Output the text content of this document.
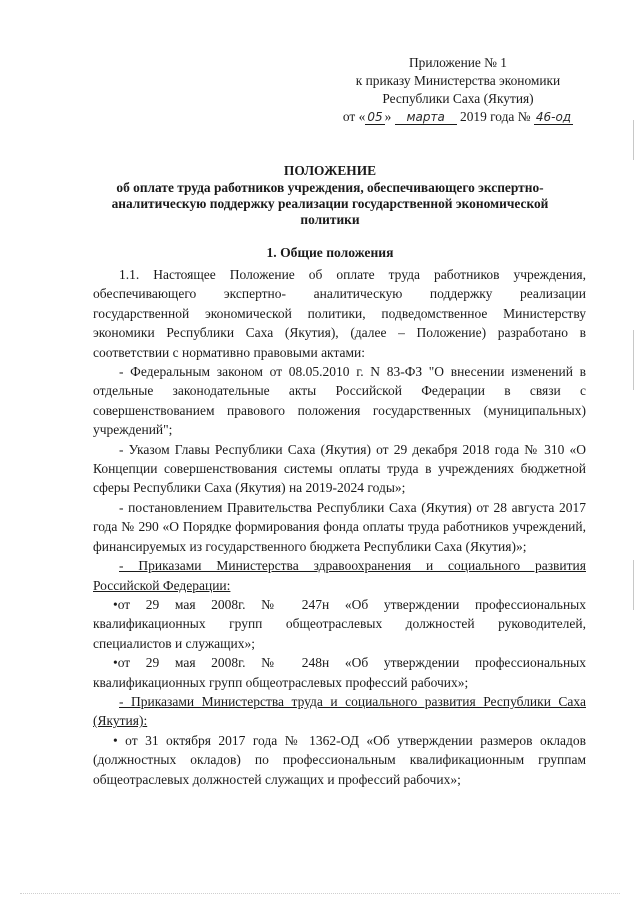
Приложение № 1
к приказу Министерства экономики
Республики Саха (Якутия)
от « 05 » марта 2019 года № 46-од
ПОЛОЖЕНИЕ
об оплате труда работников учреждения, обеспечивающего экспертно-
аналитическую поддержку реализации государственной экономической
политики
1. Общие положения

1.1. Настоящее Положение об оплате труда работников учреждения, обеспечивающего экспертно- аналитическую поддержку реализации государственной экономической политики, подведомственное Министерству экономики Республики Саха (Якутия), (далее – Положение) разработано в соответствии с нормативно правовыми актами:

- Федеральным законом от 08.05.2010 г. N 83-ФЗ "О внесении изменений в отдельные законодательные акты Российской Федерации в связи с совершенствованием правового положения государственных (муниципальных) учреждений";

- Указом Главы Республики Саха (Якутия) от 29 декабря 2018 года № 310 «О Концепции совершенствования системы оплаты труда в учреждениях бюджетной сферы Республики Саха (Якутия) на 2019-2024 годы»;

- постановлением Правительства Республики Саха (Якутия) от 28 августа 2017 года № 290 «О Порядке формирования фонда оплаты труда работников учреждений, финансируемых из государственного бюджета Республики Саха (Якутия)»;

- Приказами Министерства здравоохранения и социального развития Российской Федерации:

•от 29 мая 2008г. № 247н «Об утверждении профессиональных квалификационных групп общеотраслевых должностей руководителей, специалистов и служащих»;

•от 29 мая 2008г. № 248н «Об утверждении профессиональных квалификационных групп общеотраслевых профессий рабочих»;

- Приказами Министерства труда и социального развития Республики Саха (Якутия):

• от 31 октября 2017 года № 1362-ОД «Об утверждении размеров окладов (должностных окладов) по профессиональным квалификационным группам общеотраслевых должностей служащих и профессий рабочих»;
